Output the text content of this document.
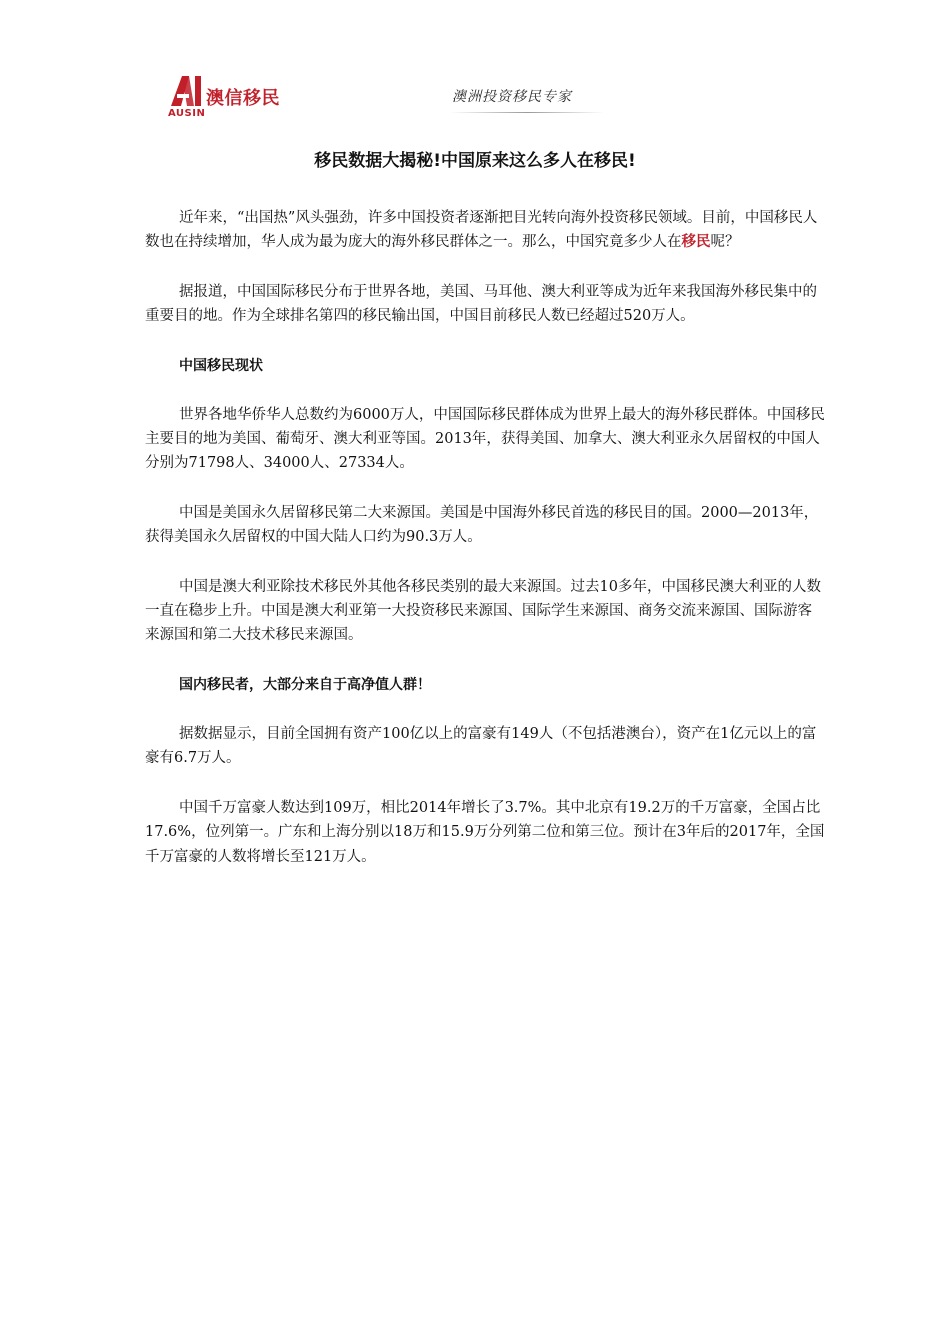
澳信移民
AUSIN
澳洲投资移民专家
移民数据大揭秘!中国原来这么多人在移民!

近年来，“出国热”风头强劲，许多中国投资者逐渐把目光转向海外投资移民领域。目前，中国移民人数也在持续增加，华人成为最为庞大的海外移民群体之一。那么，中国究竟多少人在移民呢？

据报道，中国国际移民分布于世界各地，美国、马耳他、澳大利亚等成为近年来我国海外移民集中的重要目的地。作为全球排名第四的移民输出国，中国目前移民人数已经超过520万人。

中国移民现状

世界各地华侨华人总数约为6000万人，中国国际移民群体成为世界上最大的海外移民群体。中国移民主要目的地为美国、葡萄牙、澳大利亚等国。2013年，获得美国、加拿大、澳大利亚永久居留权的中国人分别为71798人、34000人、27334人。

中国是美国永久居留移民第二大来源国。美国是中国海外移民首选的移民目的国。2000—2013年，获得美国永久居留权的中国大陆人口约为90.3万人。

中国是澳大利亚除技术移民外其他各移民类别的最大来源国。过去10多年，中国移民澳大利亚的人数一直在稳步上升。中国是澳大利亚第一大投资移民来源国、国际学生来源国、商务交流来源国、国际游客来源国和第二大技术移民来源国。

国内移民者，大部分来自于高净值人群！

据数据显示，目前全国拥有资产100亿以上的富豪有149人（不包括港澳台），资产在1亿元以上的富豪有6.7万人。

中国千万富豪人数达到109万，相比2014年增长了3.7%。其中北京有19.2万的千万富豪，全国占比17.6%，位列第一。广东和上海分别以18万和15.9万分列第二位和第三位。预计在3年后的2017年，全国千万富豪的人数将增长至121万人。
